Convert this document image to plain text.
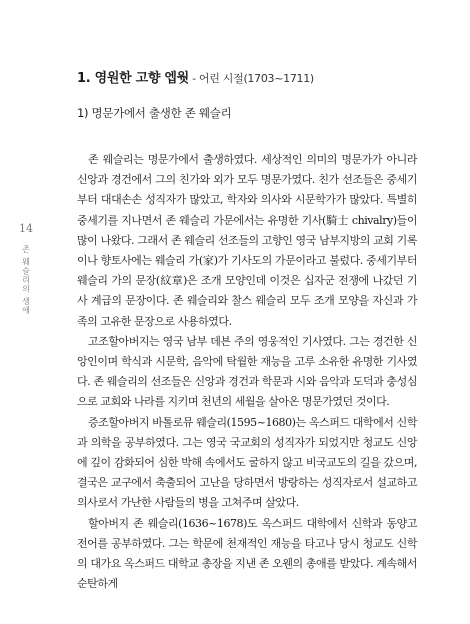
14
존 웨슬리의 생애
1. 영원한 고향 엡웟 - 어린 시절(1703~1711)
1) 명문가에서 출생한 존 웨슬리

존 웨슬리는 명문가에서 출생하였다. 세상적인 의미의 명문가가 아니라 신앙과 경건에서 그의 친가와 외가 모두 명문가였다. 친가 선조들은 중세기부터 대대손손 성직자가 많았고, 학자와 의사와 시문학가가 많았다. 특별히 중세기를 지나면서 존 웨슬리 가문에서는 유명한 기사(騎士 chivalry)들이 많이 나왔다. 그래서 존 웨슬리 선조들의 고향인 영국 남부지방의 교회 기록이나 향토사에는 웨슬리 가(家)가 기사도의 가문이라고 불렀다. 중세기부터 웨슬리 가의 문장(紋章)은 조개 모양인데 이것은 십자군 전쟁에 나갔던 기사 계급의 문장이다. 존 웨슬리와 찰스 웨슬리 모두 조개 모양을 자신과 가족의 고유한 문장으로 사용하였다.

고조할아버지는 영국 남부 데븐 주의 영웅적인 기사였다. 그는 경건한 신앙인이며 학식과 시문학, 음악에 탁월한 재능을 고루 소유한 유명한 기사였다. 존 웨슬리의 선조들은 신앙과 경건과 학문과 시와 음악과 도덕과 충성심으로 교회와 나라를 지키며 천년의 세월을 살아온 명문가였던 것이다.

증조할아버지 바톨로뮤 웨슬리(1595~1680)는 옥스퍼드 대학에서 신학과 의학을 공부하였다. 그는 영국 국교회의 성직자가 되었지만 청교도 신앙에 깊이 감화되어 심한 박해 속에서도 굴하지 않고 비국교도의 길을 갔으며, 결국은 교구에서 축출되어 고난을 당하면서 방랑하는 성직자로서 설교하고 의사로서 가난한 사람들의 병을 고쳐주며 살았다.

할아버지 존 웨슬리(1636~1678)도 옥스퍼드 대학에서 신학과 동양고전어를 공부하였다. 그는 학문에 천재적인 재능을 타고나 당시 청교도 신학의 대가요 옥스퍼드 대학교 총장을 지낸 존 오웬의 총애를 받았다. 계속해서 순탄하게
